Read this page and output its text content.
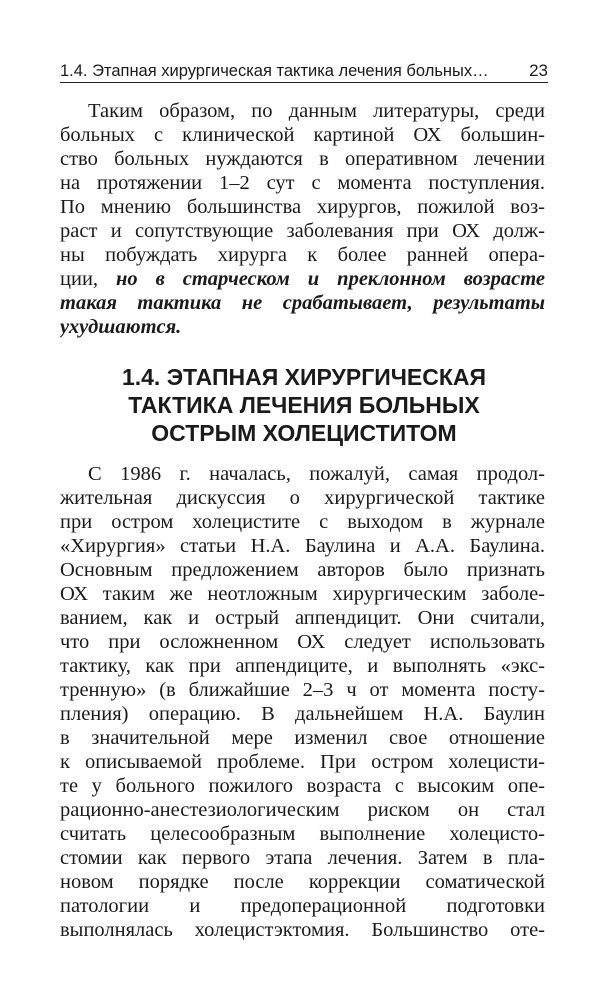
1.4. Этапная хирургическая тактика лечения больных… 23
Таким образом, по данным литературы, среди
больных с клинической картиной ОХ большин-
ство больных нуждаются в оперативном лечении
на протяжении 1–2 сут с момента поступления.
По мнению большинства хирургов, пожилой воз-
раст и сопутствующие заболевания при ОХ долж-
ны побуждать хирурга к более ранней опера-
ции, но в старческом и преклонном возрасте
такая тактика не срабатывает, результаты
ухудшаются.
1.4. ЭТАПНАЯ ХИРУРГИЧЕСКАЯ
ТАКТИКА ЛЕЧЕНИЯ БОЛЬНЫХ
ОСТРЫМ ХОЛЕЦИСТИТОМ
С 1986 г. началась, пожалуй, самая продол-
жительная дискуссия о хирургической тактике
при остром холецистите с выходом в журнале
«Хирургия» статьи Н.А. Баулина и А.А. Баулина.
Основным предложением авторов было признать
ОХ таким же неотложным хирургическим заболе-
ванием, как и острый аппендицит. Они считали,
что при осложненном ОХ следует использовать
тактику, как при аппендиците, и выполнять «экс-
тренную» (в ближайшие 2–3 ч от момента посту-
пления) операцию. В дальнейшем Н.А. Баулин
в значительной мере изменил свое отношение
к описываемой проблеме. При остром холецисти-
те у больного пожилого возраста с высоким опе-
рационно-анестезиологическим риском он стал
считать целесообразным выполнение холецисто-
стомии как первого этапа лечения. Затем в пла-
новом порядке после коррекции соматической
патологии и предоперационной подготовки
выполнялась холецистэктомия. Большинство оте-
